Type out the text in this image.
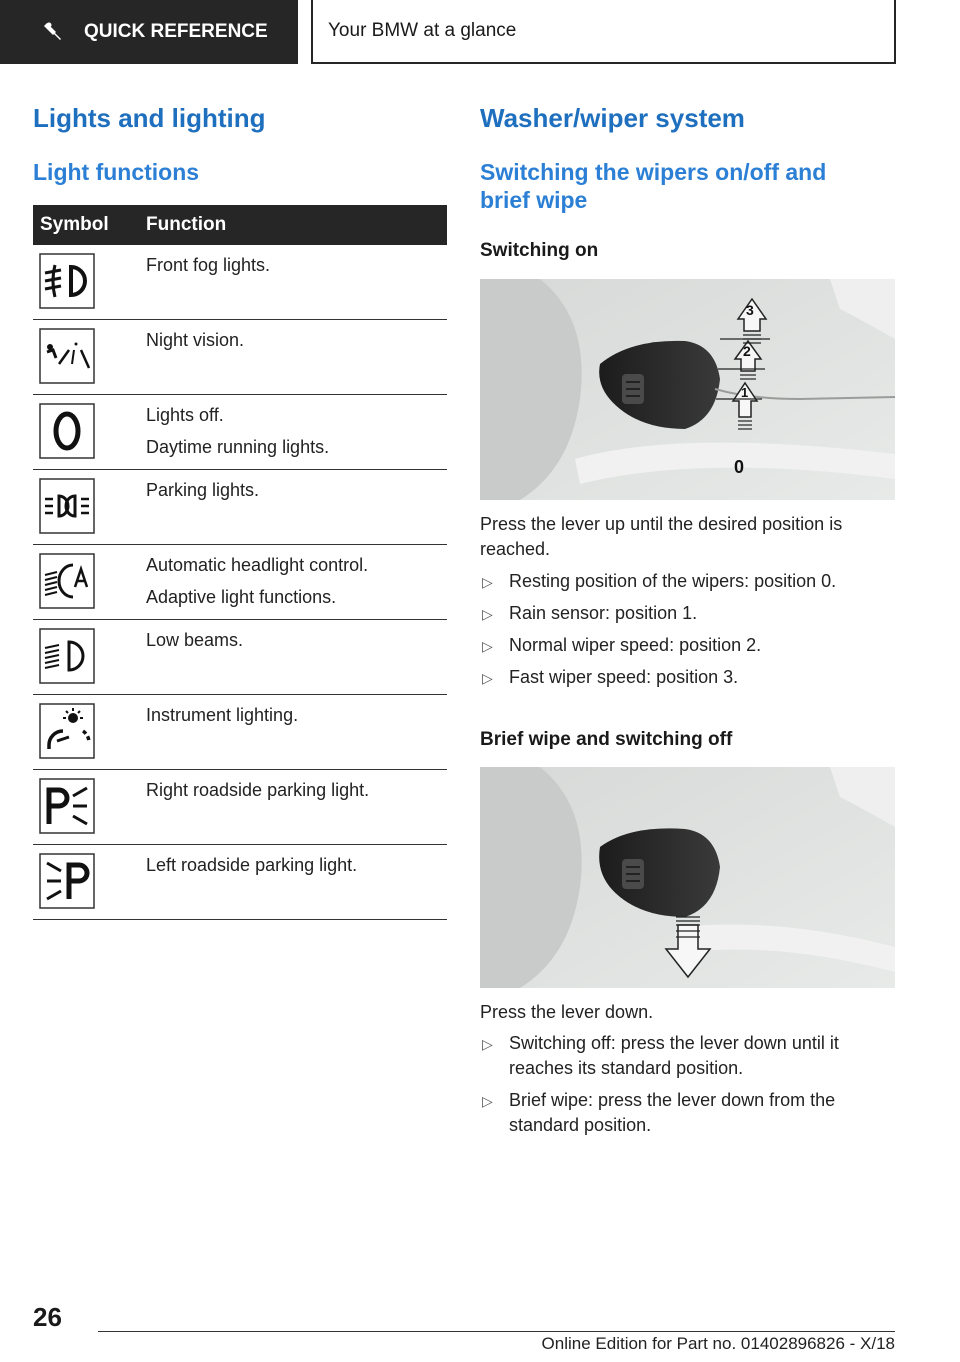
QUICK REFERENCE	Your BMW at a glance
Lights and lighting
Light functions
Symbol	Function

Front fog lights.

Night vision.

Lights off.

Daytime running lights.

Parking lights.

Automatic headlight control.

Adaptive light functions.

Low beams.

Instrument lighting.

Right roadside parking light.

Left roadside parking light.

Washer/wiper system
Switching the wipers on/off and brief wipe
Switching on
3
2
1
0

Press the lever up until the desired position is reached.

▷ Resting position of the wipers: position 0.
▷ Rain sensor: position 1.
▷ Normal wiper speed: position 2.
▷ Fast wiper speed: position 3.
Brief wipe and switching off

Press the lever down.

▷ Switching off: press the lever down until it reaches its standard position.
▷ Brief wipe: press the lever down from the standard position.
26
Online Edition for Part no. 01402896826 - X/18
